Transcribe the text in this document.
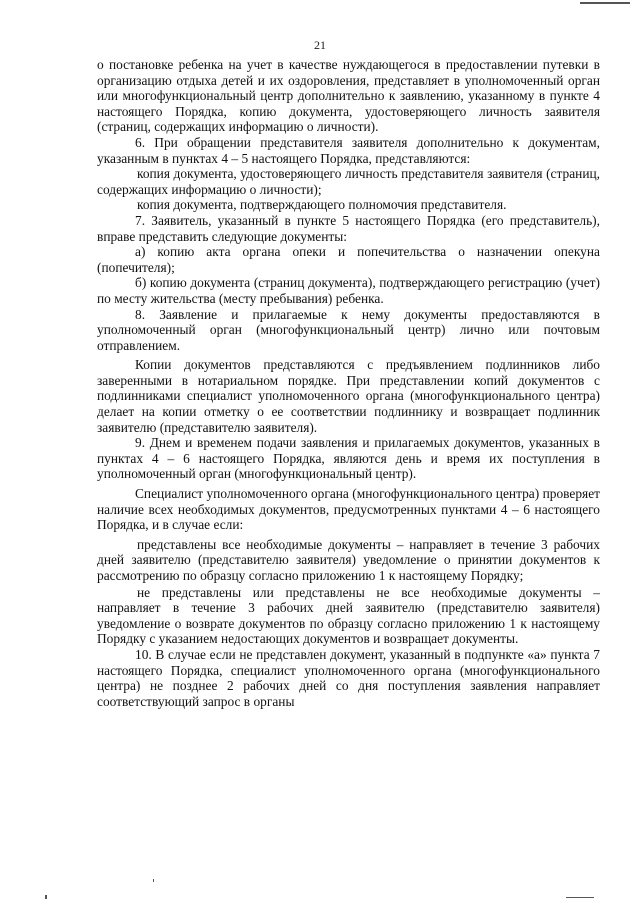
21

о постановке ребенка на учет в качестве нуждающегося в предоставлении путевки в организацию отдыха детей и их оздоровления, представляет в уполномоченный орган или многофункциональный центр дополнительно к заявлению, указанному в пункте 4 настоящего Порядка, копию документа, удостоверяющего личность заявителя (страниц, содержащих информацию о личности).

6. При обращении представителя заявителя дополнительно к документам, указанным в пунктах 4 – 5 настоящего Порядка, представляются:

копия документа, удостоверяющего личность представителя заявителя (страниц, содержащих информацию о личности);

копия документа, подтверждающего полномочия представителя.

7. Заявитель, указанный в пункте 5 настоящего Порядка (его представитель), вправе представить следующие документы:

а) копию акта органа опеки и попечительства о назначении опекуна (попечителя);

б) копию документа (страниц документа), подтверждающего регистрацию (учет) по месту жительства (месту пребывания) ребенка.

8. Заявление и прилагаемые к нему документы предоставляются в уполномоченный орган (многофункциональный центр) лично или почтовым отправлением.

Копии документов представляются с предъявлением подлинников либо заверенными в нотариальном порядке. При представлении копий документов с подлинниками специалист уполномоченного органа (многофункционального центра) делает на копии отметку о ее соответствии подлиннику и возвращает подлинник заявителю (представителю заявителя).

9. Днем и временем подачи заявления и прилагаемых документов, указанных в пунктах 4 – 6 настоящего Порядка, являются день и время их поступления в уполномоченный орган (многофункциональный центр).

Специалист уполномоченного органа (многофункционального центра) проверяет наличие всех необходимых документов, предусмотренных пунктами 4 – 6 настоящего Порядка, и в случае если:

представлены все необходимые документы – направляет в течение 3 рабочих дней заявителю (представителю заявителя) уведомление о принятии документов к рассмотрению по образцу согласно приложению 1 к настоящему Порядку;

не представлены или представлены не все необходимые документы – направляет в течение 3 рабочих дней заявителю (представителю заявителя) уведомление о возврате документов по образцу согласно приложению 1 к настоящему Порядку с указанием недостающих документов и возвращает документы.

10. В случае если не представлен документ, указанный в подпункте «а» пункта 7 настоящего Порядка, специалист уполномоченного органа (многофункционального центра) не позднее 2 рабочих дней со дня поступления заявления направляет соответствующий запрос в органы
